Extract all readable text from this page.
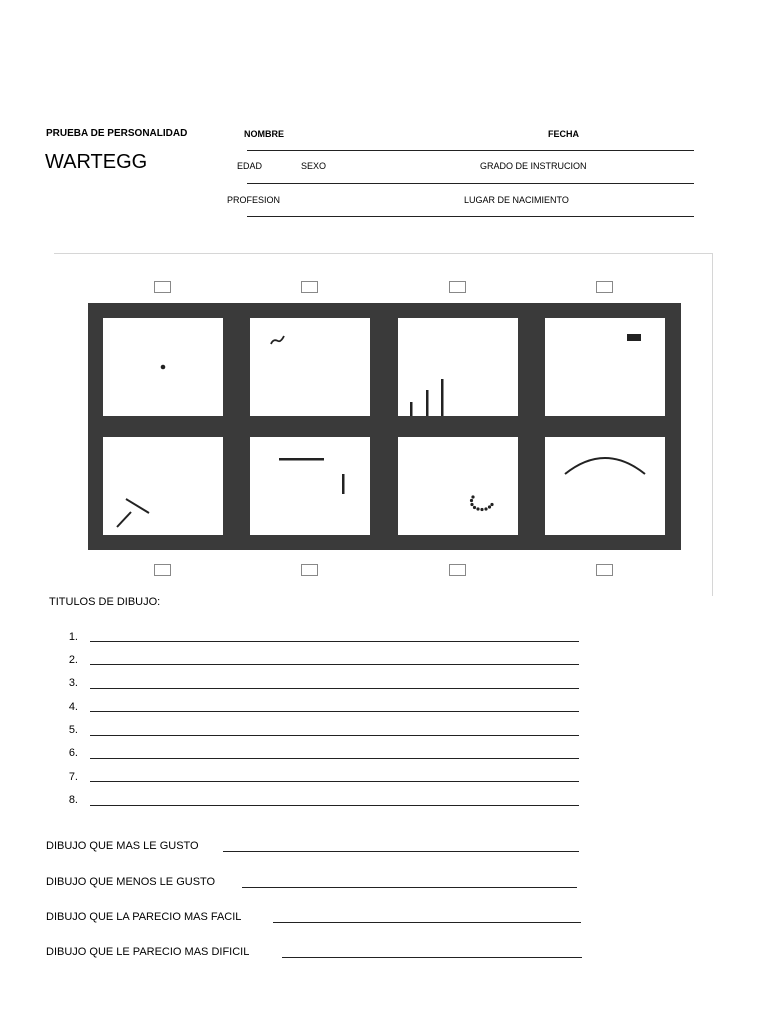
PRUEBA DE PERSONALIDAD
WARTEGG
NOMBRE	FECHA
EDAD	SEXO	GRADO DE INSTRUCION
PROFESION	LUGAR DE NACIMIENTO
TITULOS DE DIBUJO:
1.
2.
3.
4.
5.
6.
7.
8.
DIBUJO QUE MAS LE GUSTO
DIBUJO QUE MENOS LE GUSTO
DIBUJO QUE LA PARECIO MAS FACIL
DIBUJO QUE LE PARECIO MAS DIFICIL
